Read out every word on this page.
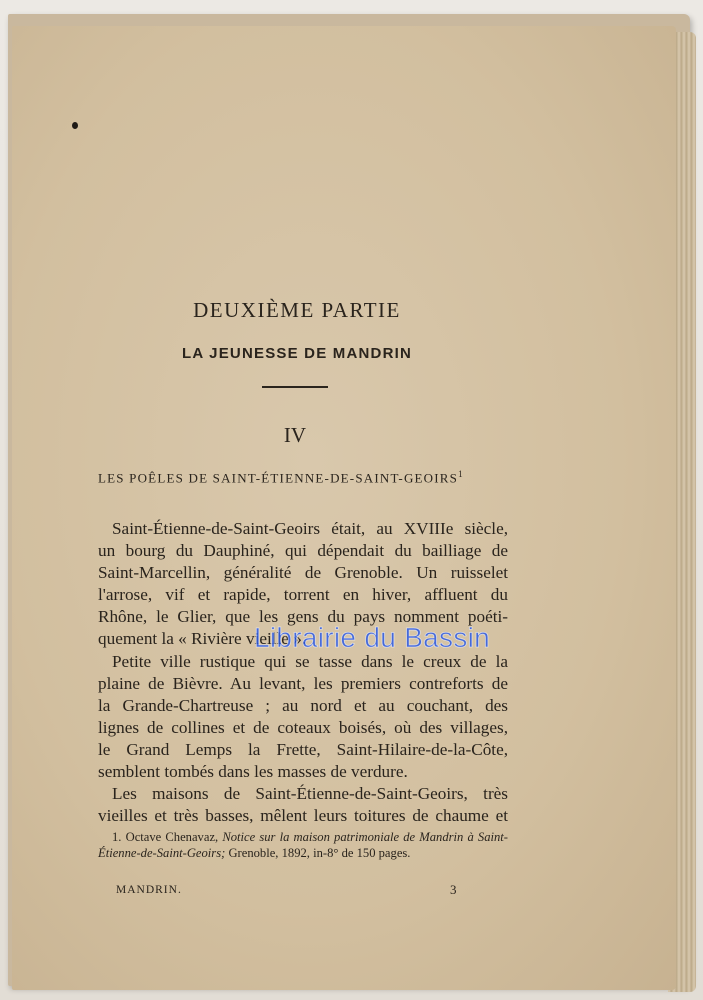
DEUXIÈME PARTIE
LA JEUNESSE DE MANDRIN
IV
LES POÊLES DE SAINT-ÉTIENNE-DE-SAINT-GEOIRS$^1$
Saint-Étienne-de-Saint-Geoirs était, au XVIIIe siècle,
un bourg du Dauphiné, qui dépendait du bailliage de
Saint-Marcellin, généralité de Grenoble. Un ruisselet
l'arrose, vif et rapide, torrent en hiver, affluent du
Rhône, le Glier, que les gens du pays nomment poéti-
quement la « Rivière vieille ».
Petite ville rustique qui se tasse dans le creux de la
plaine de Bièvre. Au levant, les premiers contreforts de
la Grande-Chartreuse ; au nord et au couchant, des
lignes de collines et de coteaux boisés, où des villages,
le Grand Lemps la Frette, Saint-Hilaire-de-la-Côte,
semblent tombés dans les masses de verdure.
Les maisons de Saint-Étienne-de-Saint-Geoirs, très
vieilles et très basses, mêlent leurs toitures de chaume et
1. Octave Chenavaz, Notice sur la maison patrimoniale de Mandrin à Saint-Étienne-de-Saint-Geoirs; Grenoble, 1892, in-8° de 150 pages.
MANDRIN.	3
Librairie du Bassin
